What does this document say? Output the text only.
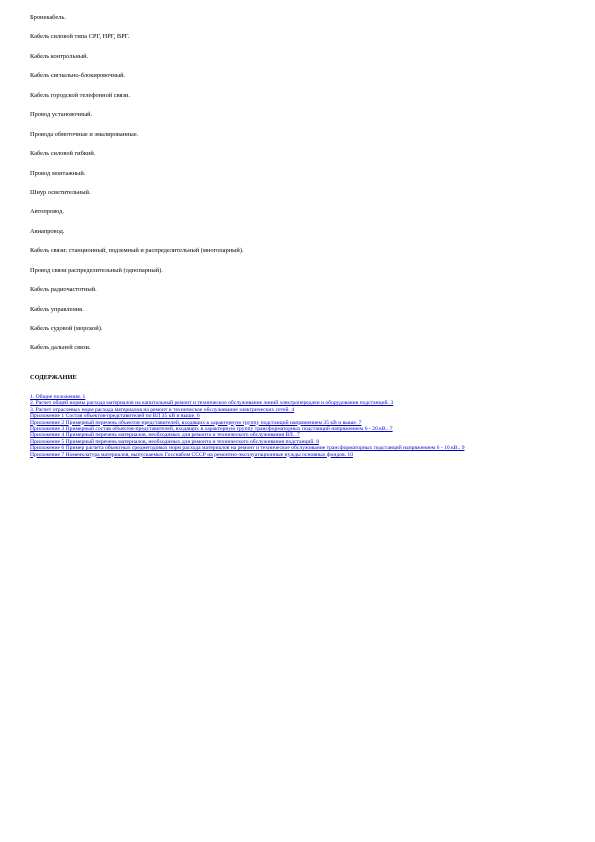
Бронекабель.
Кабель силовой типа СРГ, НРГ, ВРГ.
Кабель контрольный.
Кабель сигнально-блокировочный.
Кабель городской телефонной связи.
Провод установочный.
Провода обмоточные и эмалированные.
Кабель силовой гибкий.
Провод монтажный.
Шнур осветительный.
Автопровод.
Авиапровод.
Кабель связи: станционный, подземный и распределительный (многопарный).
Провод связи распределительный (однопарный).
Кабель радиочастотный.
Кабель управления.
Кабель судовой (морской).
Кабель дальней связи.
СОДЕРЖАНИЕ
1. Общие положения. 1
2. Расчет общей нормы расхода материалов на капитальный ремонт и техническое обслуживание линий электропередачи и оборудования подстанций. 3
3. Расчет отраслевых норм расхода материалов на ремонт и техническое обслуживание электрических сетей. 4
Приложение 1 Состав объектов-представителей по ВЛ 35 кВ и выше. 6
Приложение 2 Примерный перечень объектов-представителей, входящих в характерную группу подстанций напряжением 35 кВ и выше. 7
Приложение 3 Примерный состав объектов-представителей, входящих в характерную группу трансформаторных подстанций напряжением 6 - 20 кВ.. 7
Приложение 4 Примерный перечень материалов, необходимых для ремонта и технического обслуживания ВЛ.. 7
Приложение 5 Примерный перечень материалов, необходимых для ремонта и технического обслуживания подстанций. 8
Приложение 6 Пример расчета объектных среднегодовых норм расхода материалов на ремонт и техническое обслуживание трансформаторных подстанций напряжением 6 - 10 кВ.. 9
Приложение 7 Номенклатура материалов, выпускаемых Госснабом СССР на ремонтно-эксплуатационные нужды основных фондов. 10
